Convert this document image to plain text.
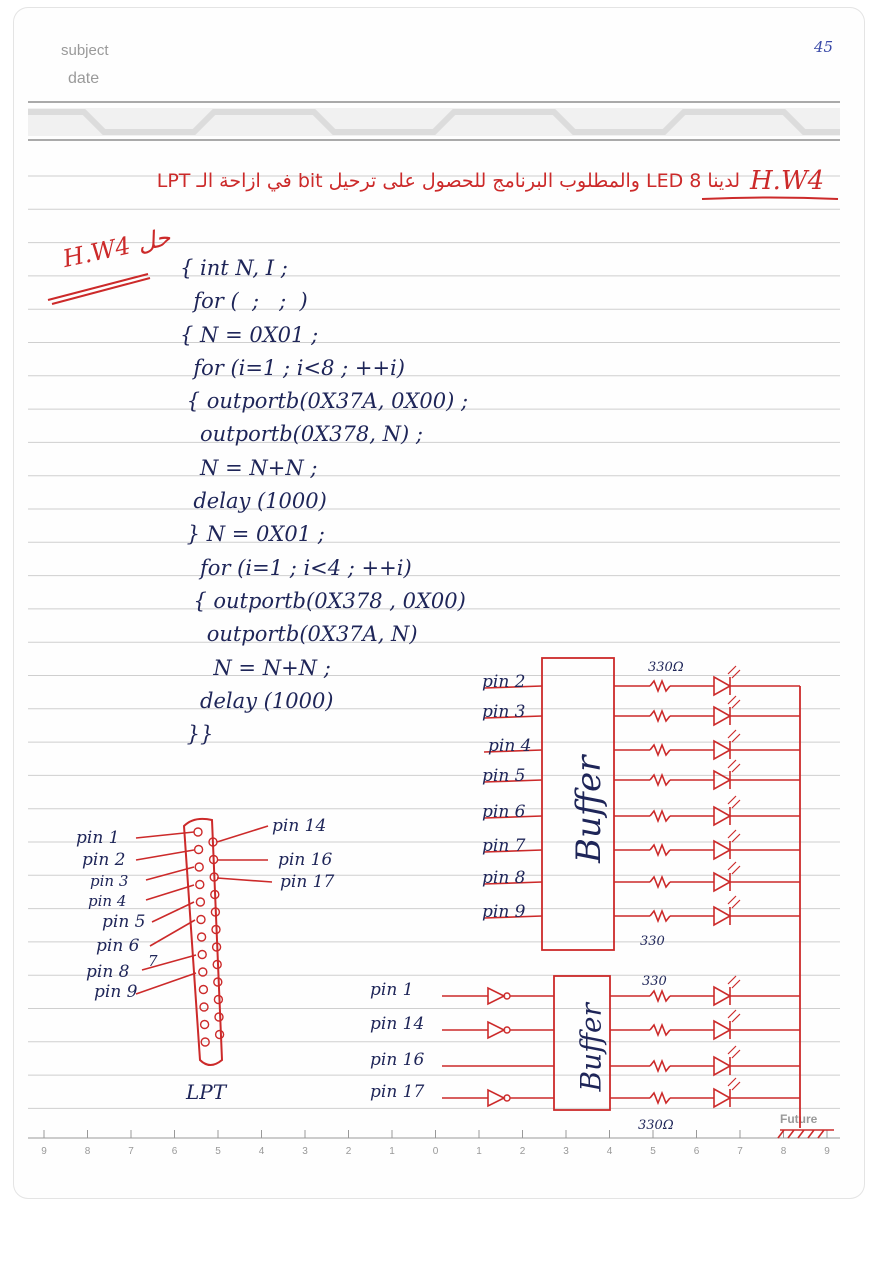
9	8	7	6	5	4	3	2	1	0	1	2	3	4	5	6	7	8	9
subject
date
45
Future
لدينا 8 LED والمطلوب البرنامج للحصول على ترحيل bit في ازاحة الـ LPT H.W4
H.W4 حل
{ int N, I ;
for (  ;   ;  )
{ N = 0X01 ;
for (i=1 ; i<8 ; ++i)
{ outportb(0X37A, 0X00) ;
outportb(0X378, N) ;
N = N+N ;
delay (1000)
} N = 0X01 ;
for (i=1 ; i<4 ; ++i)
{ outportb(0X378 , 0X00)
outportb(0X37A, N)
N = N+N ;
delay (1000)
}}
pin 1
pin 2
pin 3
pin 4
pin 5
pin 6
pin 8
7
pin 9
pin 14
pin 16
pin 17
LPT
pin 2
pin 3
pin 4
pin 5
pin 6
pin 7
pin 8
pin 9
pin 1
pin 14
pin 16
pin 17
Buffer
Buffer
330Ω
330
330
330Ω
